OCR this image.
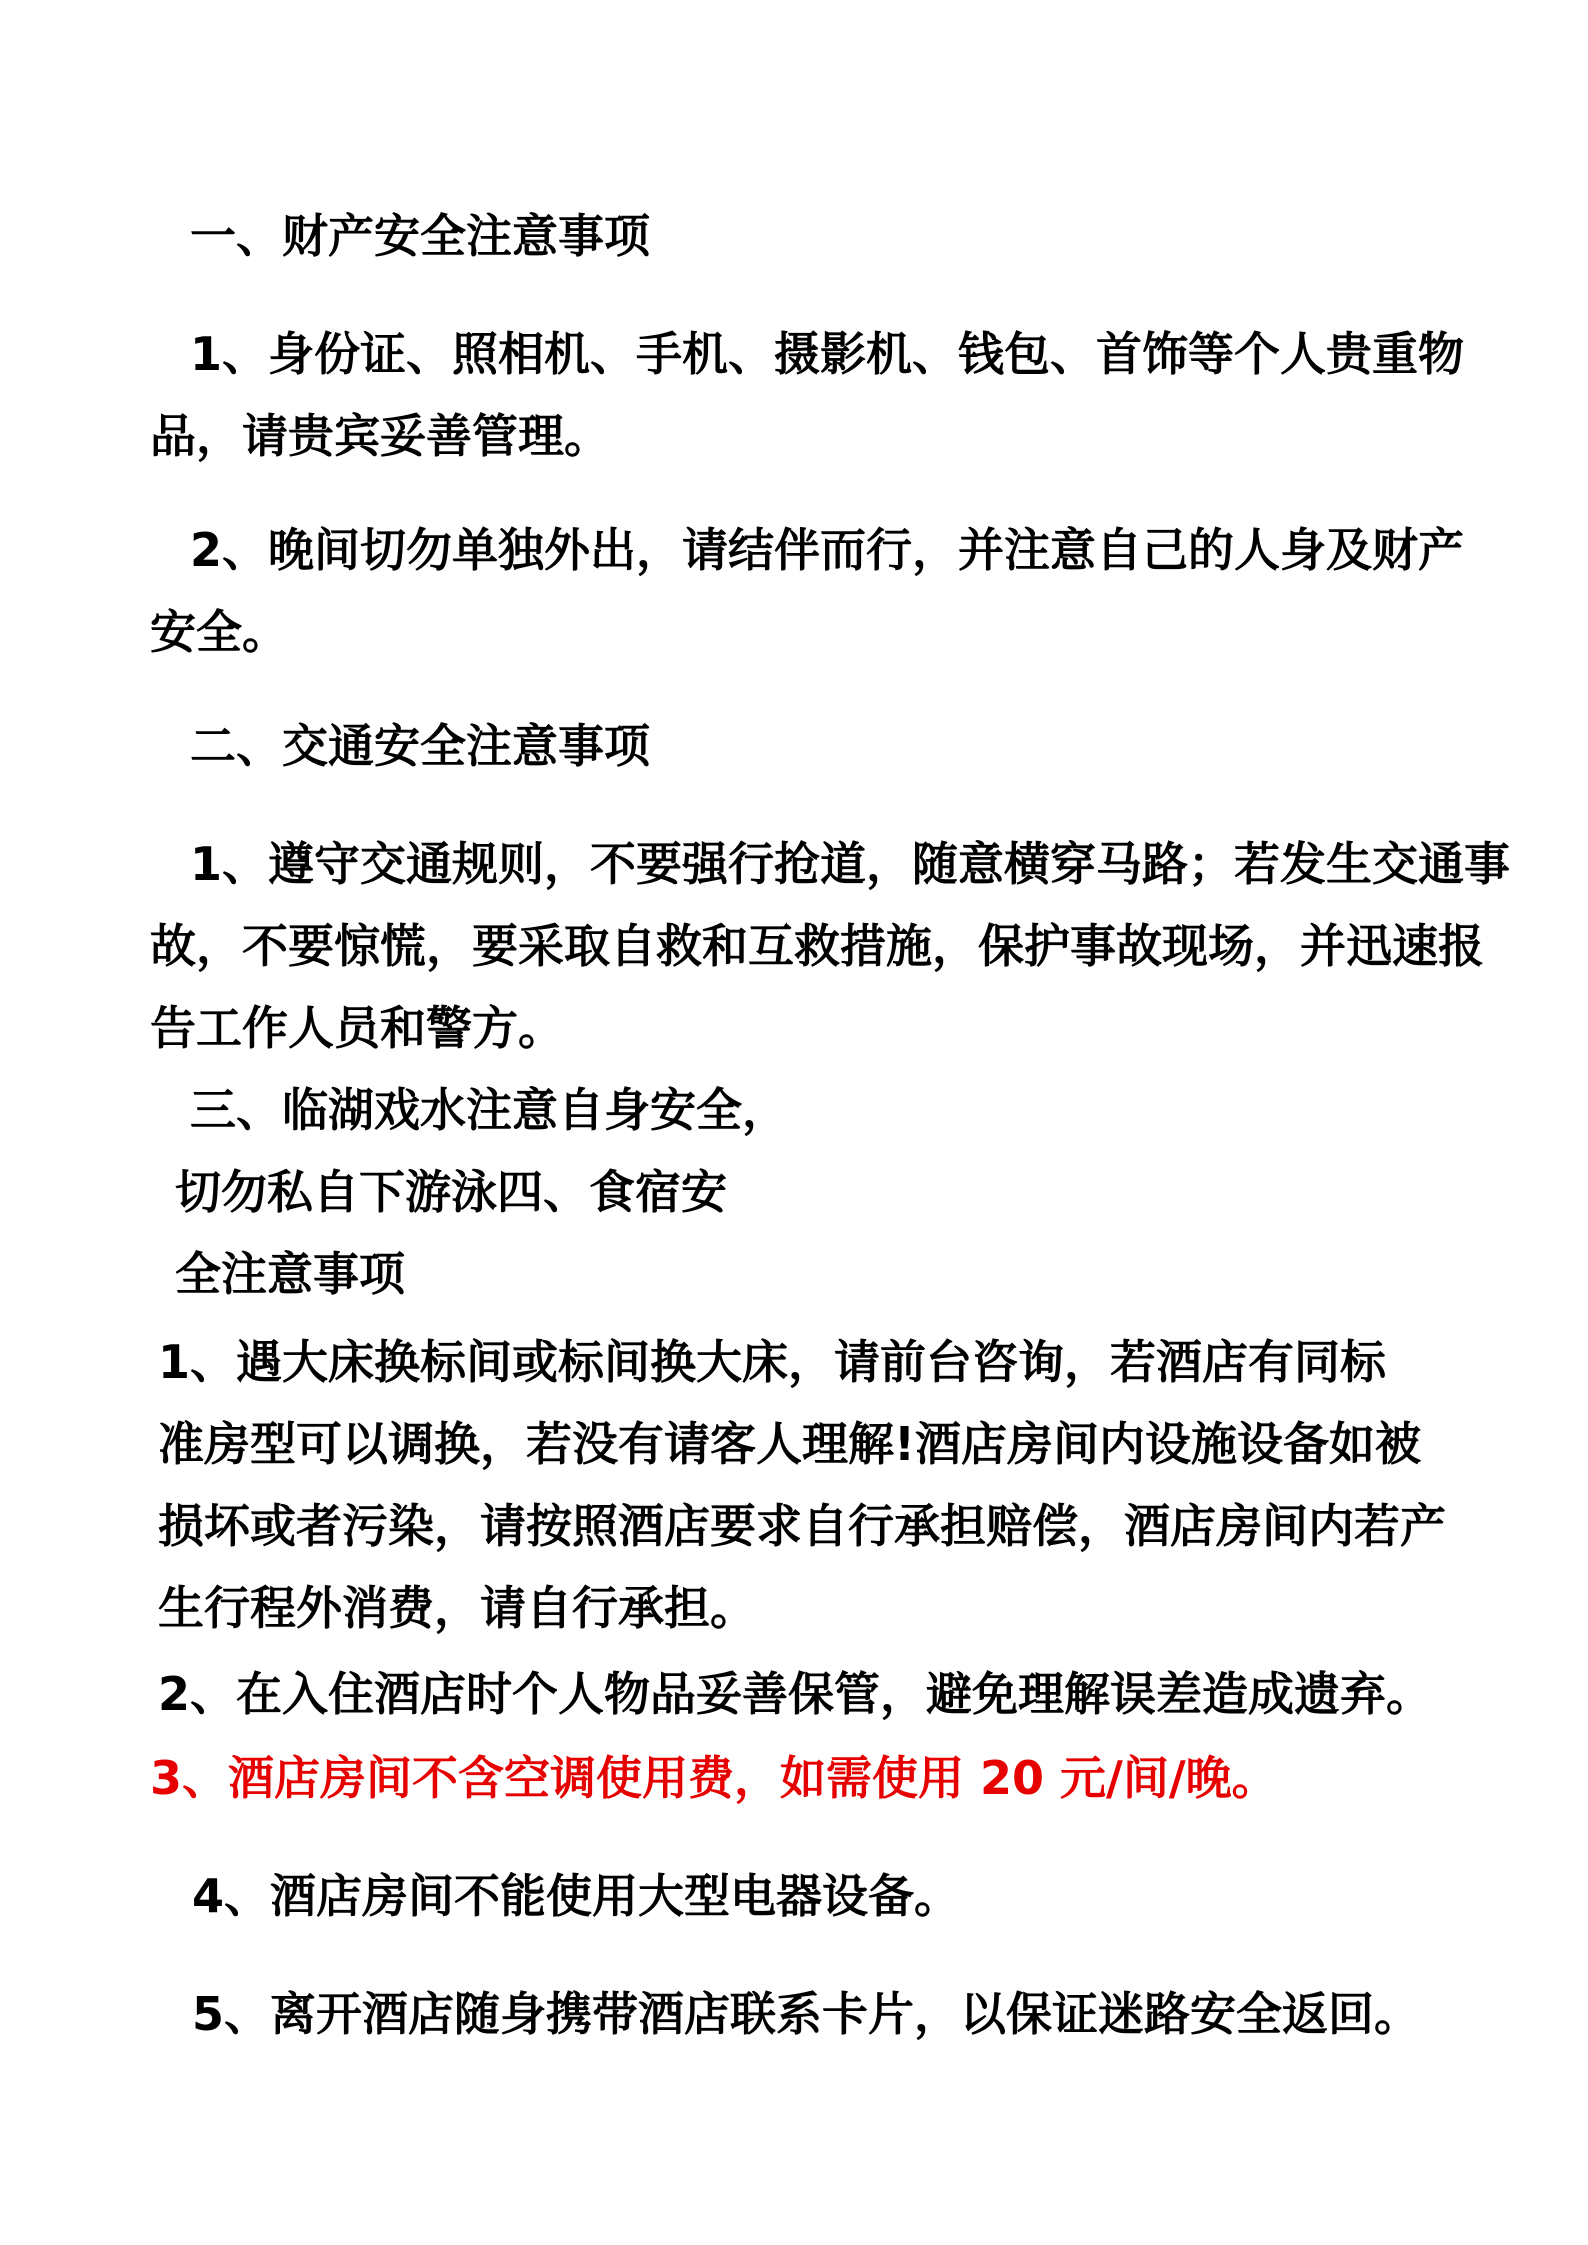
一、财产安全注意事项

1、身份证、照相机、手机、摄影机、钱包、首饰等个人贵重物

品，请贵宾妥善管理。

2、晚间切勿单独外出，请结伴而行，并注意自己的人身及财产

安全。

二、交通安全注意事项

1、遵守交通规则，不要强行抢道，随意横穿马路；若发生交通事

故，不要惊慌，要采取自救和互救措施，保护事故现场，并迅速报

告工作人员和警方。

三、临湖戏水注意自身安全，

切勿私自下游泳四、食宿安

全注意事项

1、遇大床换标间或标间换大床，请前台咨询，若酒店有同标

准房型可以调换，若没有请客人理解!酒店房间内设施设备如被

损坏或者污染，请按照酒店要求自行承担赔偿，酒店房间内若产

生行程外消费，请自行承担。

2、在入住酒店时个人物品妥善保管，避免理解误差造成遗弃。

3、酒店房间不含空调使用费，如需使用 20 元/间/晚。

4、酒店房间不能使用大型电器设备。

5、离开酒店随身携带酒店联系卡片，以保证迷路安全返回。
